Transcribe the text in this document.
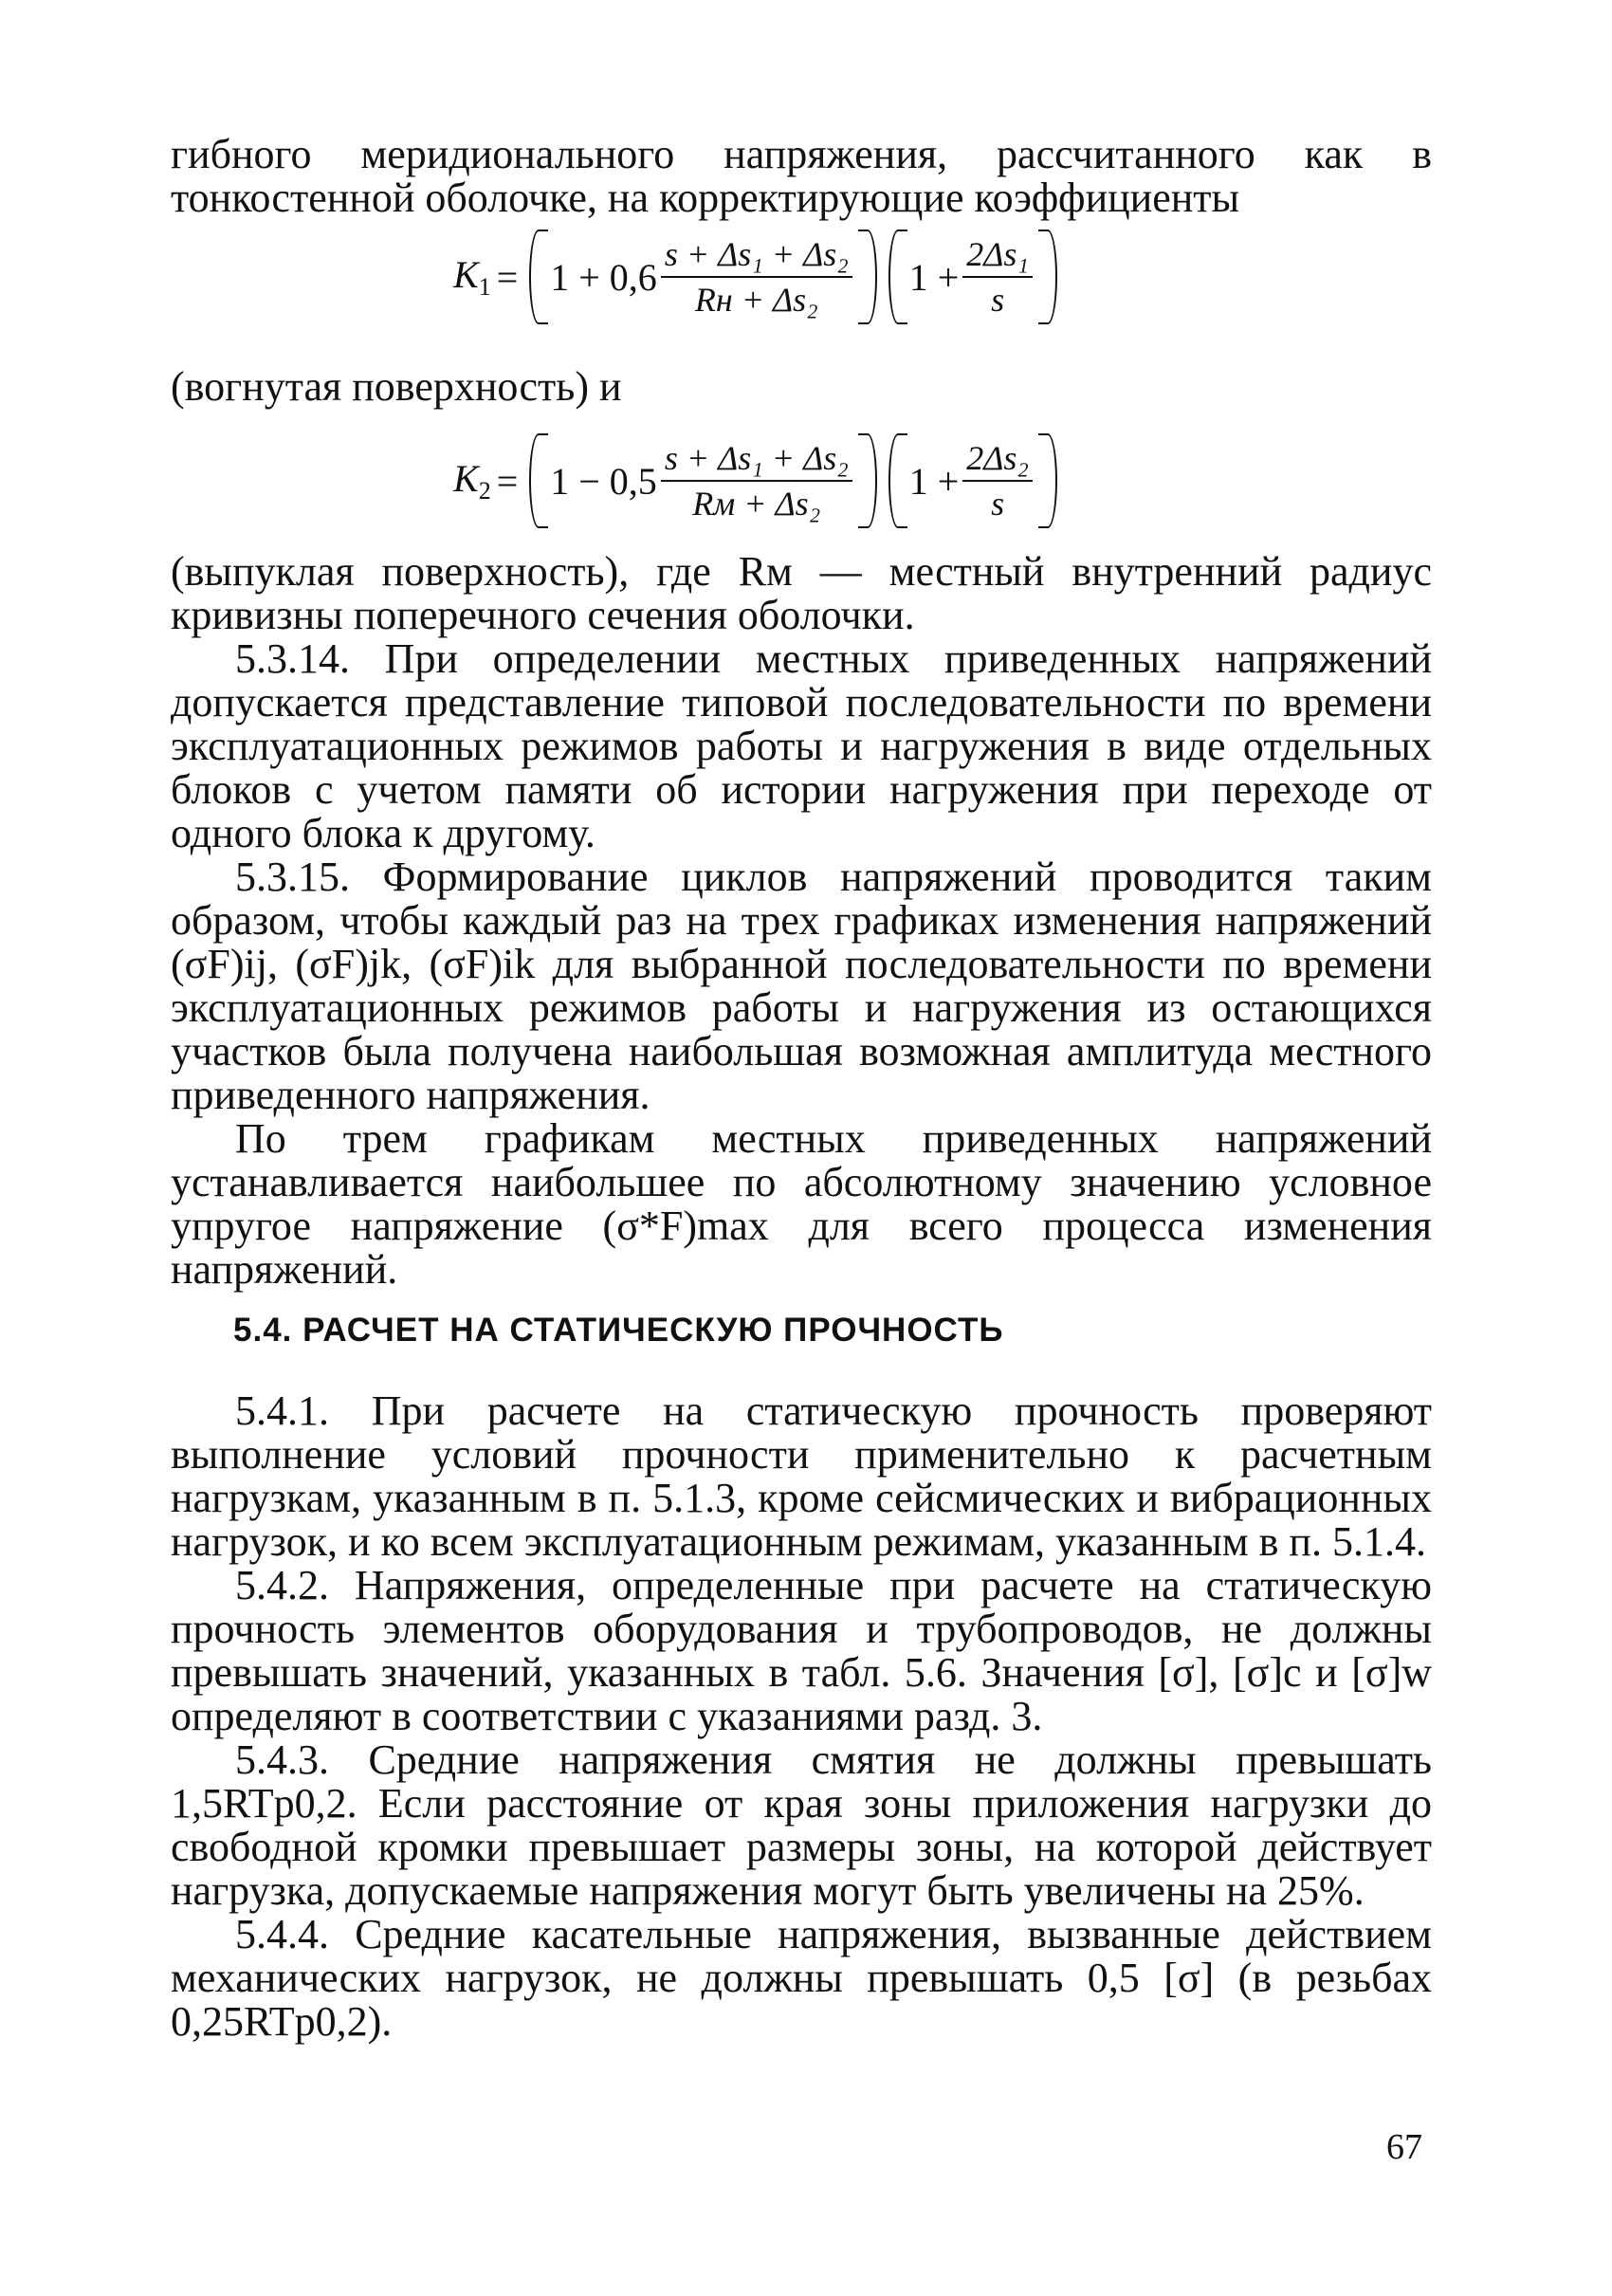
гибного меридионального напряжения, рассчитанного как в тонкостенной оболочке, на корректирующие коэффициенты

$K_1 = 1 + 0,6 \frac{\text{s + Δs₁ + Δs₂}}{\text{Rн + Δs₂}} 1 + \frac{\text{2Δs₁}}{s}$

(вогнутая поверхность) и

$K_2 = 1 - 0,5 \frac{\text{s + Δs₁ + Δs₂}}{\text{Rм + Δs₂}} 1 + \frac{\text{2Δs₂}}{s}$

(выпуклая поверхность), где Rм — местный внутренний радиус кривизны поперечного сечения оболочки.

5.3.14. При определении местных приведенных напряжений допускается представление типовой последовательности по времени эксплуатационных режимов работы и нагружения в виде отдельных блоков с учетом памяти об истории нагружения при переходе от одного блока к другому.

5.3.15. Формирование циклов напряжений проводится таким образом, чтобы каждый раз на трех графиках изменения напряжений (σF)ij, (σF)jk, (σF)ik для выбранной последовательности по времени эксплуатационных режимов работы и нагружения из остающихся участков была получена наибольшая возможная амплитуда местного приведенного напряжения.

По трем графикам местных приведенных напряжений устанавливается наибольшее по абсолютному значению условное упругое напряжение (σ*F)max для всего процесса изменения напряжений.

5.4. РАСЧЕТ НА СТАТИЧЕСКУЮ ПРОЧНОСТЬ

5.4.1. При расчете на статическую прочность проверяют выполнение условий прочности применительно к расчетным нагрузкам, указанным в п. 5.1.3, кроме сейсмических и вибрационных нагрузок, и ко всем эксплуатационным режимам, указанным в п. 5.1.4.

5.4.2. Напряжения, определенные при расчете на статическую прочность элементов оборудования и трубопроводов, не должны превышать значений, указанных в табл. 5.6. Значения [σ], [σ]c и [σ]w определяют в соответствии с указаниями разд. 3.

5.4.3. Средние напряжения смятия не должны превышать 1,5RTp0,2. Если расстояние от края зоны приложения нагрузки до свободной кромки превышает размеры зоны, на которой действует нагрузка, допускаемые напряжения могут быть увеличены на 25%.

5.4.4. Средние касательные напряжения, вызванные действием механических нагрузок, не должны превышать 0,5 [σ] (в резьбах 0,25RTp0,2).

67
